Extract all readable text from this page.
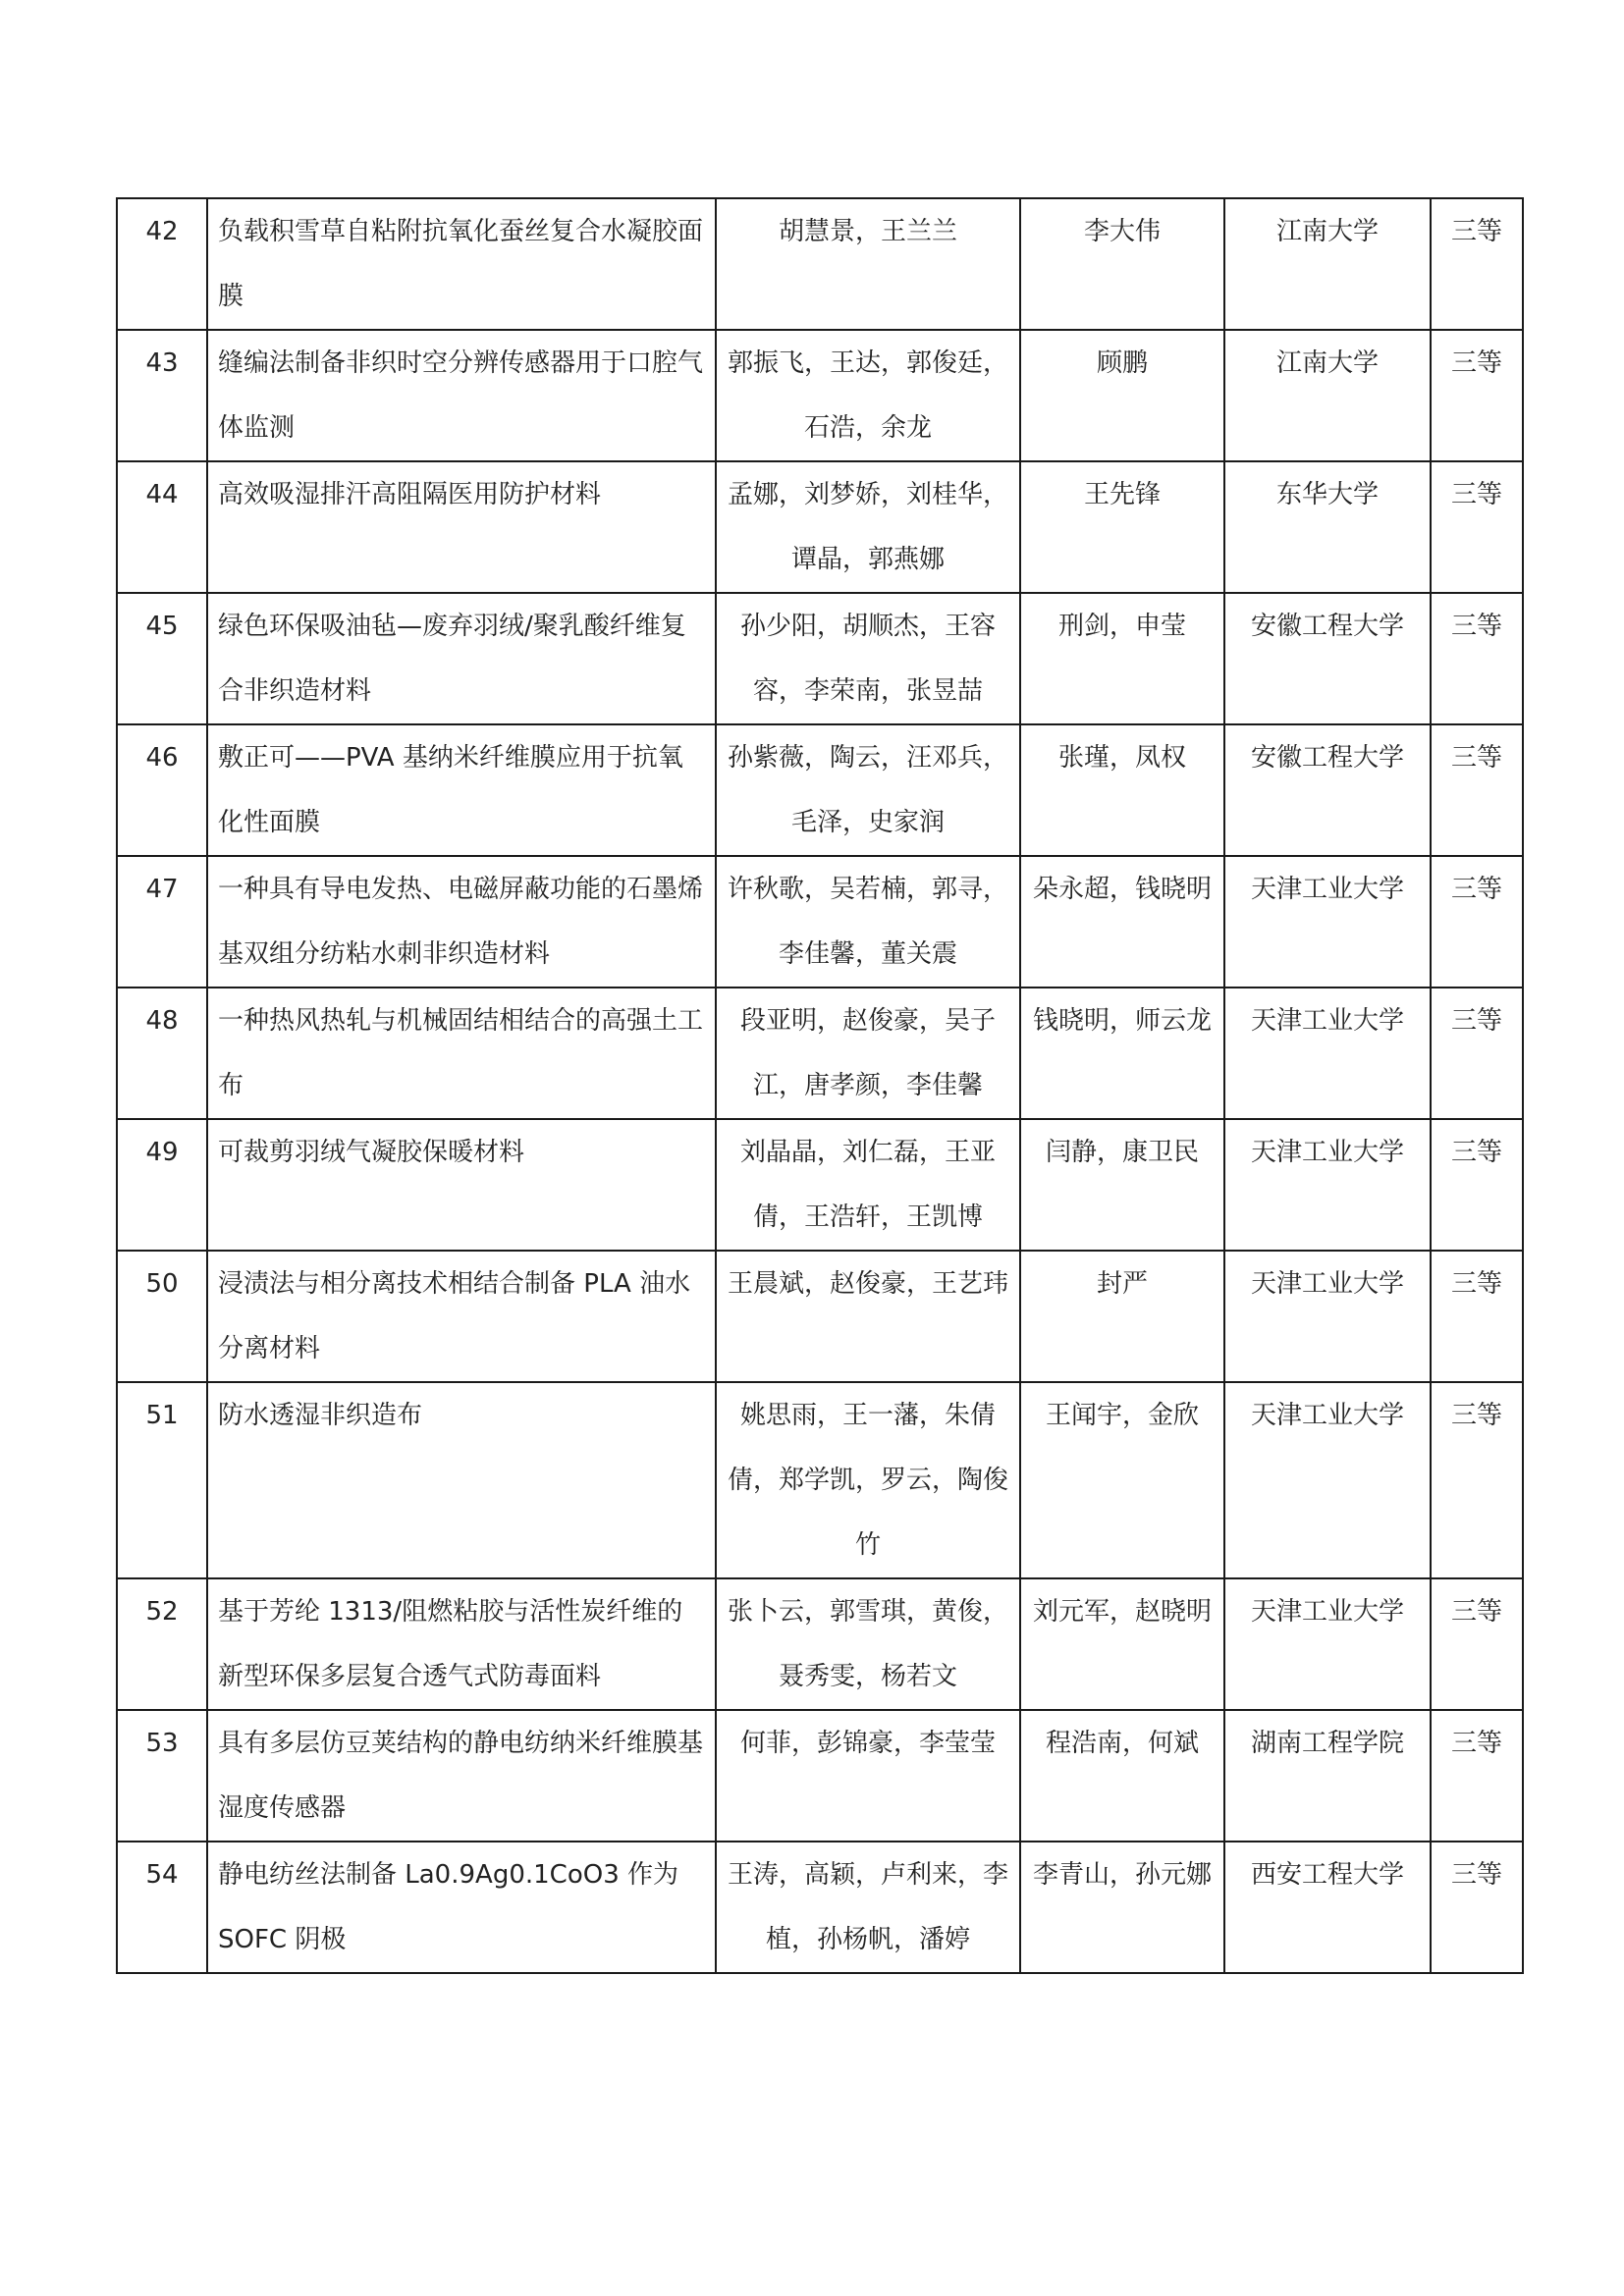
42	负载积雪草自粘附抗氧化蚕丝复合水凝胶面膜	胡慧景，王兰兰	李大伟	江南大学	三等
43	缝编法制备非织时空分辨传感器用于口腔气体监测	郭振飞，王达，郭俊廷，石浩，余龙	顾鹏	江南大学	三等
44	高效吸湿排汗高阻隔医用防护材料	孟娜，刘梦娇，刘桂华，谭晶，郭燕娜	王先锋	东华大学	三等
45	绿色环保吸油毡—废弃羽绒/聚乳酸纤维复合非织造材料	孙少阳，胡顺杰，王容容，李荣南，张昱喆	刑剑，申莹	安徽工程大学	三等
46	敷正可——PVA 基纳米纤维膜应用于抗氧化性面膜	孙紫薇，陶云，汪邓兵，毛泽，史家润	张瑾，凤权	安徽工程大学	三等
47	一种具有导电发热、电磁屏蔽功能的石墨烯基双组分纺粘水刺非织造材料	许秋歌，吴若楠，郭寻，李佳馨，董关震	朵永超，钱晓明	天津工业大学	三等
48	一种热风热轧与机械固结相结合的高强土工布	段亚明，赵俊豪，吴子江，唐孝颜，李佳馨	钱晓明，师云龙	天津工业大学	三等
49	可裁剪羽绒气凝胶保暖材料	刘晶晶，刘仁磊，王亚倩，王浩轩，王凯博	闫静，康卫民	天津工业大学	三等
50	浸渍法与相分离技术相结合制备 PLA 油水分离材料	王晨斌，赵俊豪，王艺玮	封严	天津工业大学	三等
51	防水透湿非织造布	姚思雨，王一藩，朱倩倩，郑学凯，罗云，陶俊竹	王闻宇，金欣	天津工业大学	三等
52	基于芳纶 1313/阻燃粘胶与活性炭纤维的新型环保多层复合透气式防毒面料	张卜云，郭雪琪，黄俊，聂秀雯，杨若文	刘元军，赵晓明	天津工业大学	三等
53	具有多层仿豆荚结构的静电纺纳米纤维膜基湿度传感器	何菲，彭锦豪，李莹莹	程浩南，何斌	湖南工程学院	三等
54	静电纺丝法制备 La0.9Ag0.1CoO3 作为 SOFC 阴极	王涛，高颖，卢利来，李植，孙杨帆，潘婷	李青山，孙元娜	西安工程大学	三等
